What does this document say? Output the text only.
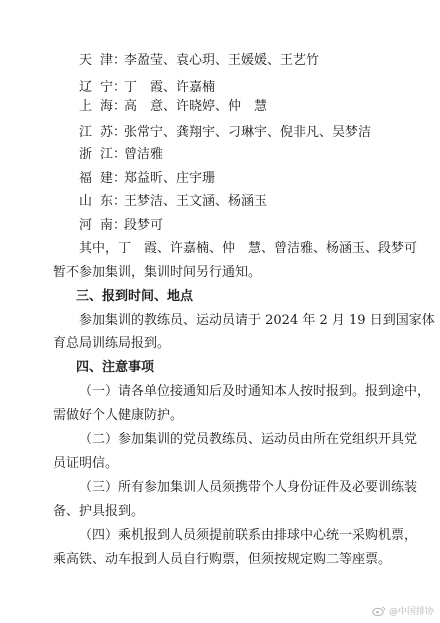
天津：李盈莹、袁心玥、王媛媛、王艺竹
辽宁：丁　霞、许嘉楠
上海：高　意、许晓婷、仲　慧
江苏：张常宁、龚翔宇、刁琳宇、倪非凡、吴梦洁
浙江：曾洁雅
福建：郑益昕、庄宇珊
山东：王梦洁、王文涵、杨涵玉
河南：段梦可
其中，丁　霞、许嘉楠、仲　慧、曾洁雅、杨涵玉、段梦可
暂不参加集训，集训时间另行通知。
三、报到时间、地点
参加集训的教练员、运动员请于 2024 年 2 月 19 日到国家体
育总局训练局报到。
四、注意事项
（一）请各单位接通知后及时通知本人按时报到。报到途中，
需做好个人健康防护。
（二）参加集训的党员教练员、运动员由所在党组织开具党
员证明信。
（三）所有参加集训人员须携带个人身份证件及必要训练装
备、护具报到。
（四）乘机报到人员须提前联系由排球中心统一采购机票，
乘高铁、动车报到人员自行购票，但须按规定购二等座票。
@中国排协
